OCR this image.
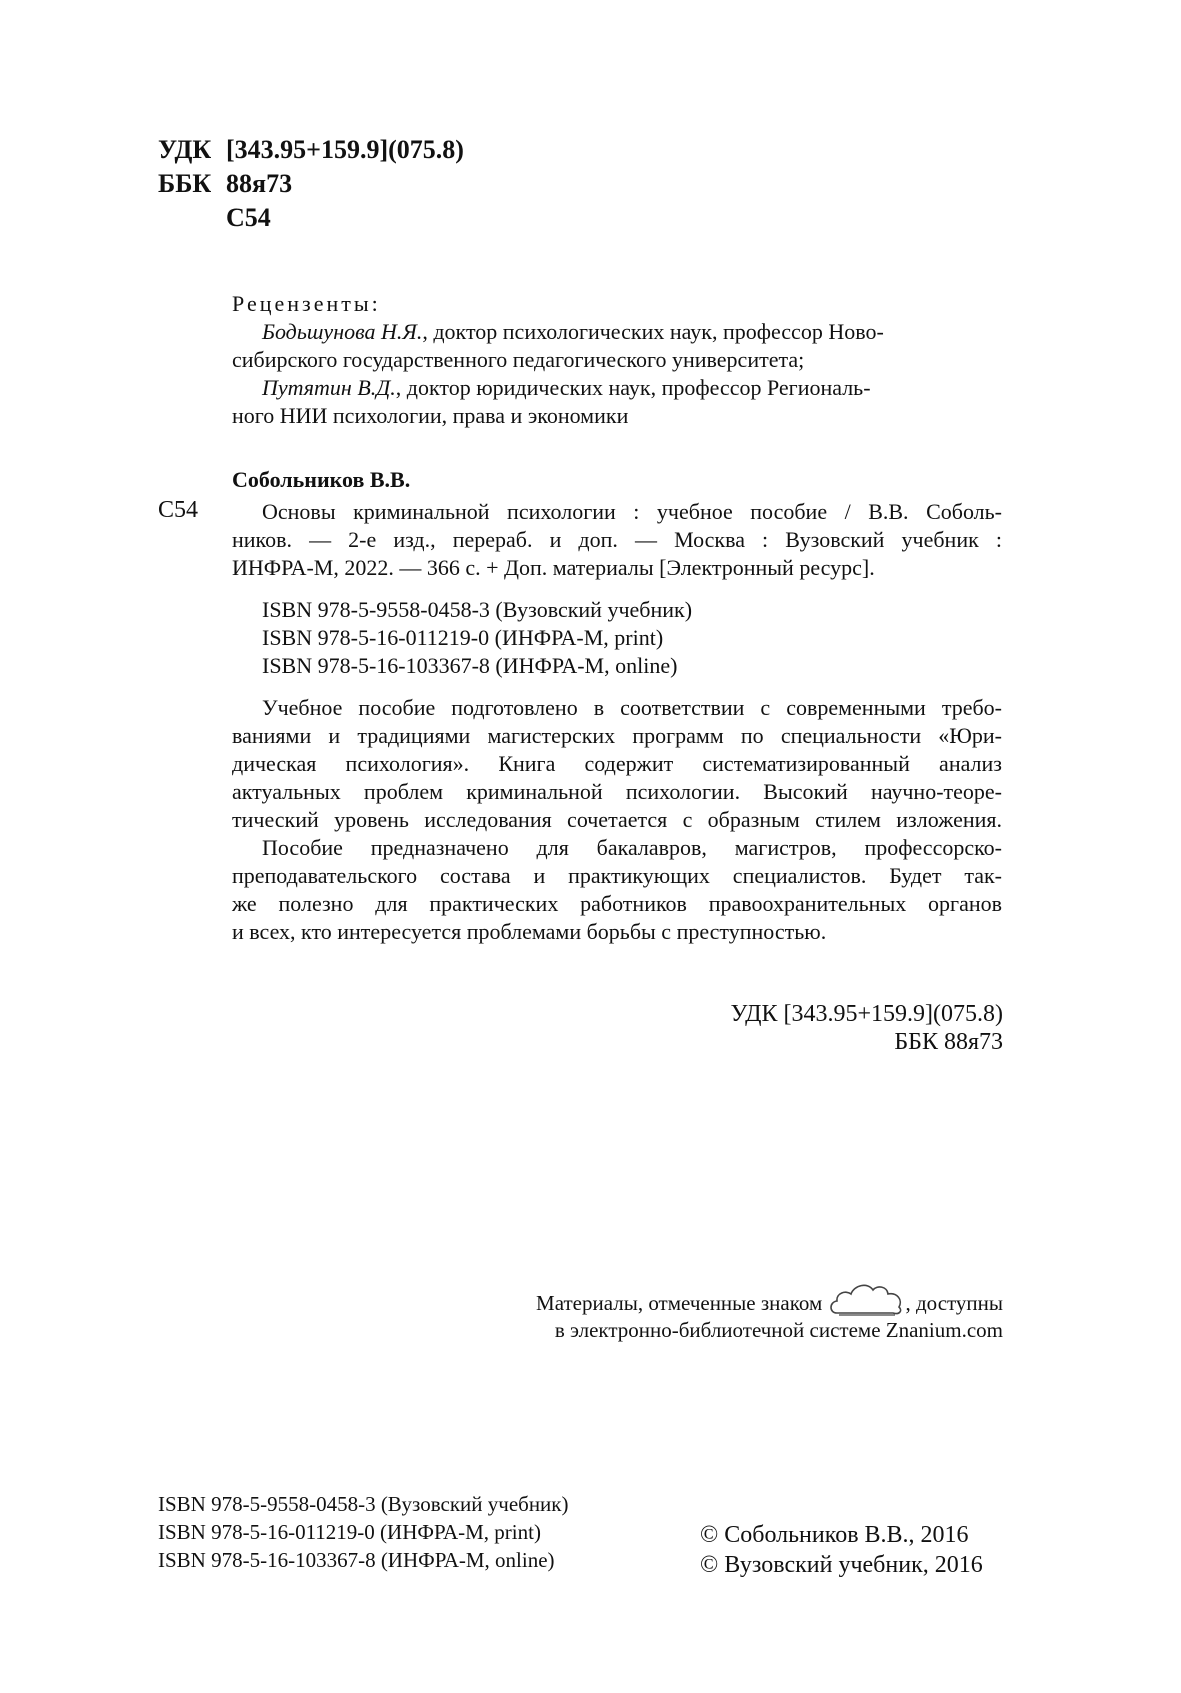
УДК [343.95+159.9](075.8)
ББК 88я73
С54
Рецензенты:
Бодьшунова Н.Я., доктор психологических наук, профессор Ново-
сибирского государственного педагогического университета;
Путятин В.Д., доктор юридических наук, профессор Региональ-
ного НИИ психологии, права и экономики
Собольников В.В.
С54	Основы криминальной психологии : учебное пособие / В.В. Соболь-
ников. — 2-е изд., перераб. и доп. — Москва : Вузовский учебник :
ИНФРА-М, 2022. — 366 с. + Доп. материалы [Электронный ресурс].
ISBN 978-5-9558-0458-3 (Вузовский учебник)
ISBN 978-5-16-011219-0 (ИНФРА-М, print)
ISBN 978-5-16-103367-8 (ИНФРА-М, online)
Учебное пособие подготовлено в соответствии с современными требо-
ваниями и традициями магистерских программ по специальности «Юри-
дическая психология». Книга содержит систематизированный анализ
актуальных проблем криминальной психологии. Высокий научно-теоре-
тический уровень исследования сочетается с образным стилем изложения.
Пособие предназначено для бакалавров, магистров, профессорско-
преподавательского состава и практикующих специалистов. Будет так-
же полезно для практических работников правоохранительных органов
и всех, кто интересуется проблемами борьбы с преступностью.
УДК [343.95+159.9](075.8)
ББК 88я73
Материалы, отмеченные знаком	, доступны
в электронно-библиотечной системе Znanium.com
ISBN 978-5-9558-0458-3 (Вузовский учебник)
ISBN 978-5-16-011219-0 (ИНФРА-М, print)
ISBN 978-5-16-103367-8 (ИНФРА-М, online)
© Собольников В.В., 2016
© Вузовский учебник, 2016
